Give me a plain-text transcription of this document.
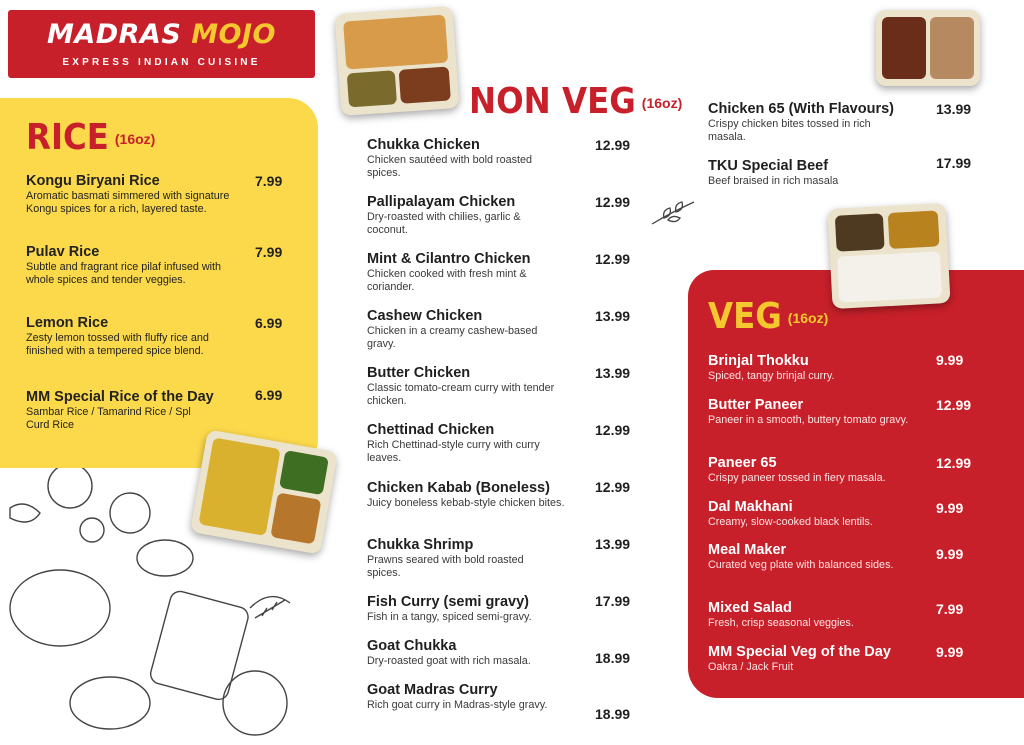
MADRAS MOJO
EXPRESS INDIAN CUISINE
RICE (16oz)
Kongu Biryani Rice
Aromatic basmati simmered with signature Kongu spices for a rich, layered taste.
7.99
Pulav Rice
Subtle and fragrant rice pilaf infused with whole spices and tender veggies.
7.99
Lemon Rice
Zesty lemon tossed with fluffy rice and finished with a tempered spice blend.
6.99
MM Special Rice of the Day
Sambar Rice / Tamarind Rice / Spl Curd Rice
6.99
NON VEG (16oz)
Chukka Chicken
Chicken sautéed with bold roasted spices.
12.99
Pallipalayam Chicken
Dry-roasted with chilies, garlic & coconut.
12.99
Mint & Cilantro Chicken
Chicken cooked with fresh mint & coriander.
12.99
Cashew Chicken
Chicken in a creamy cashew-based gravy.
13.99
Butter Chicken
Classic tomato-cream curry with tender chicken.
13.99
Chettinad Chicken
Rich Chettinad-style curry with curry leaves.
12.99
Chicken Kabab (Boneless)
Juicy boneless kebab-style chicken bites.
12.99
Chukka Shrimp
Prawns seared with bold roasted spices.
13.99
Fish Curry (semi gravy)
Fish in a tangy, spiced semi-gravy.
17.99
Goat Chukka
Dry-roasted goat with rich masala.	18.99
Goat Madras Curry
Rich goat curry in Madras-style gravy.
18.99
Chicken 65 (With Flavours)
Crispy chicken bites tossed in rich masala.
13.99
TKU Special Beef
Beef braised in rich masala
17.99
VEG (16oz)
Brinjal Thokku
Spiced, tangy brinjal curry.
9.99
Butter Paneer
Paneer in a smooth, buttery tomato gravy.
12.99
Paneer 65
Crispy paneer tossed in fiery masala.
12.99
Dal Makhani
Creamy, slow-cooked black lentils.
9.99
Meal Maker
Curated veg plate with balanced sides.
9.99
Mixed Salad
Fresh, crisp seasonal veggies.
7.99
MM Special Veg of the Day
Oakra / Jack Fruit
9.99
